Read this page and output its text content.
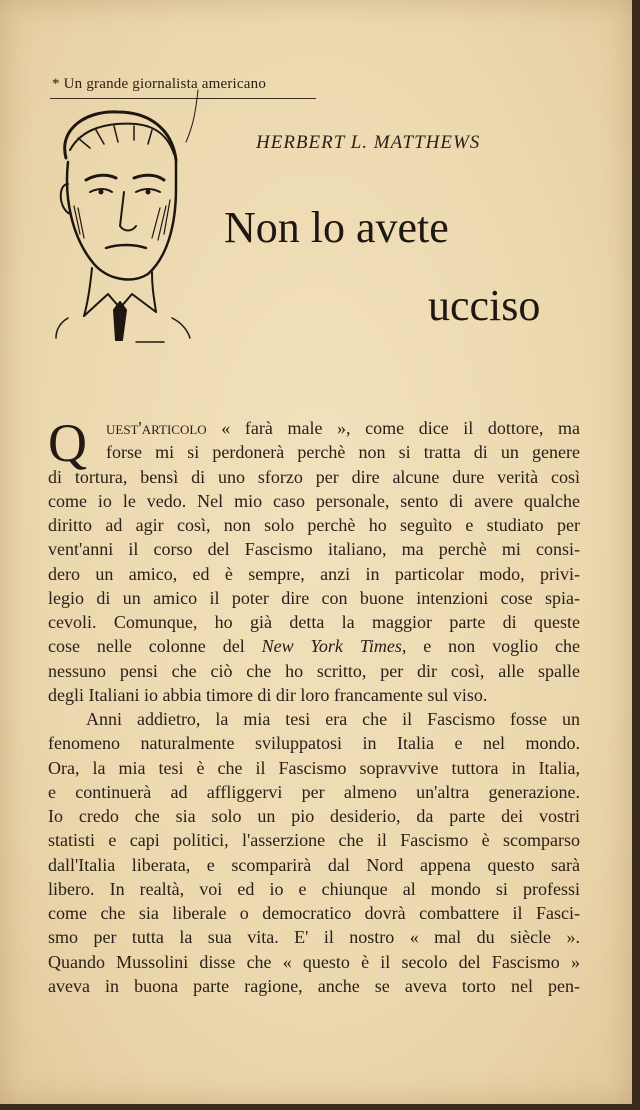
* Un grande giornalista americano
HERBERT L. MATTHEWS
Non lo avete
ucciso
Q	uest'articolo « farà male », come dice il dottore, ma
forse mi si perdonerà perchè non si tratta di un genere
di tortura, bensì di uno sforzo per dire alcune dure verità così
come io le vedo. Nel mio caso personale, sento di avere qualche
diritto ad agir così, non solo perchè ho seguìto e studiato per
vent'anni il corso del Fascismo italiano, ma perchè mi consi-
dero un amico, ed è sempre, anzi in particolar modo, privi-
legio di un amico il poter dire con buone intenzioni cose spia-
cevoli. Comunque, ho già detta la maggior parte di queste
cose nelle colonne del New York Times, e non voglio che
nessuno pensi che ciò che ho scritto, per dir così, alle spalle
degli Italiani io abbia timore di dir loro francamente sul viso.
Anni addietro, la mia tesi era che il Fascismo fosse un
fenomeno naturalmente sviluppatosi in Italia e nel mondo.
Ora, la mia tesi è che il Fascismo sopravvive tuttora in Italia,
e continuerà ad affliggervi per almeno un'altra generazione.
Io credo che sia solo un pio desiderio, da parte dei vostri
statisti e capi politici, l'asserzione che il Fascismo è scomparso
dall'Italia liberata, e scomparirà dal Nord appena questo sarà
libero. In realtà, voi ed io e chiunque al mondo si professi
come che sia liberale o democratico dovrà combattere il Fasci-
smo per tutta la sua vita. E' il nostro « mal du siècle ».
Quando Mussolini disse che « questo è il secolo del Fascismo »
aveva in buona parte ragione, anche se aveva torto nel pen-
